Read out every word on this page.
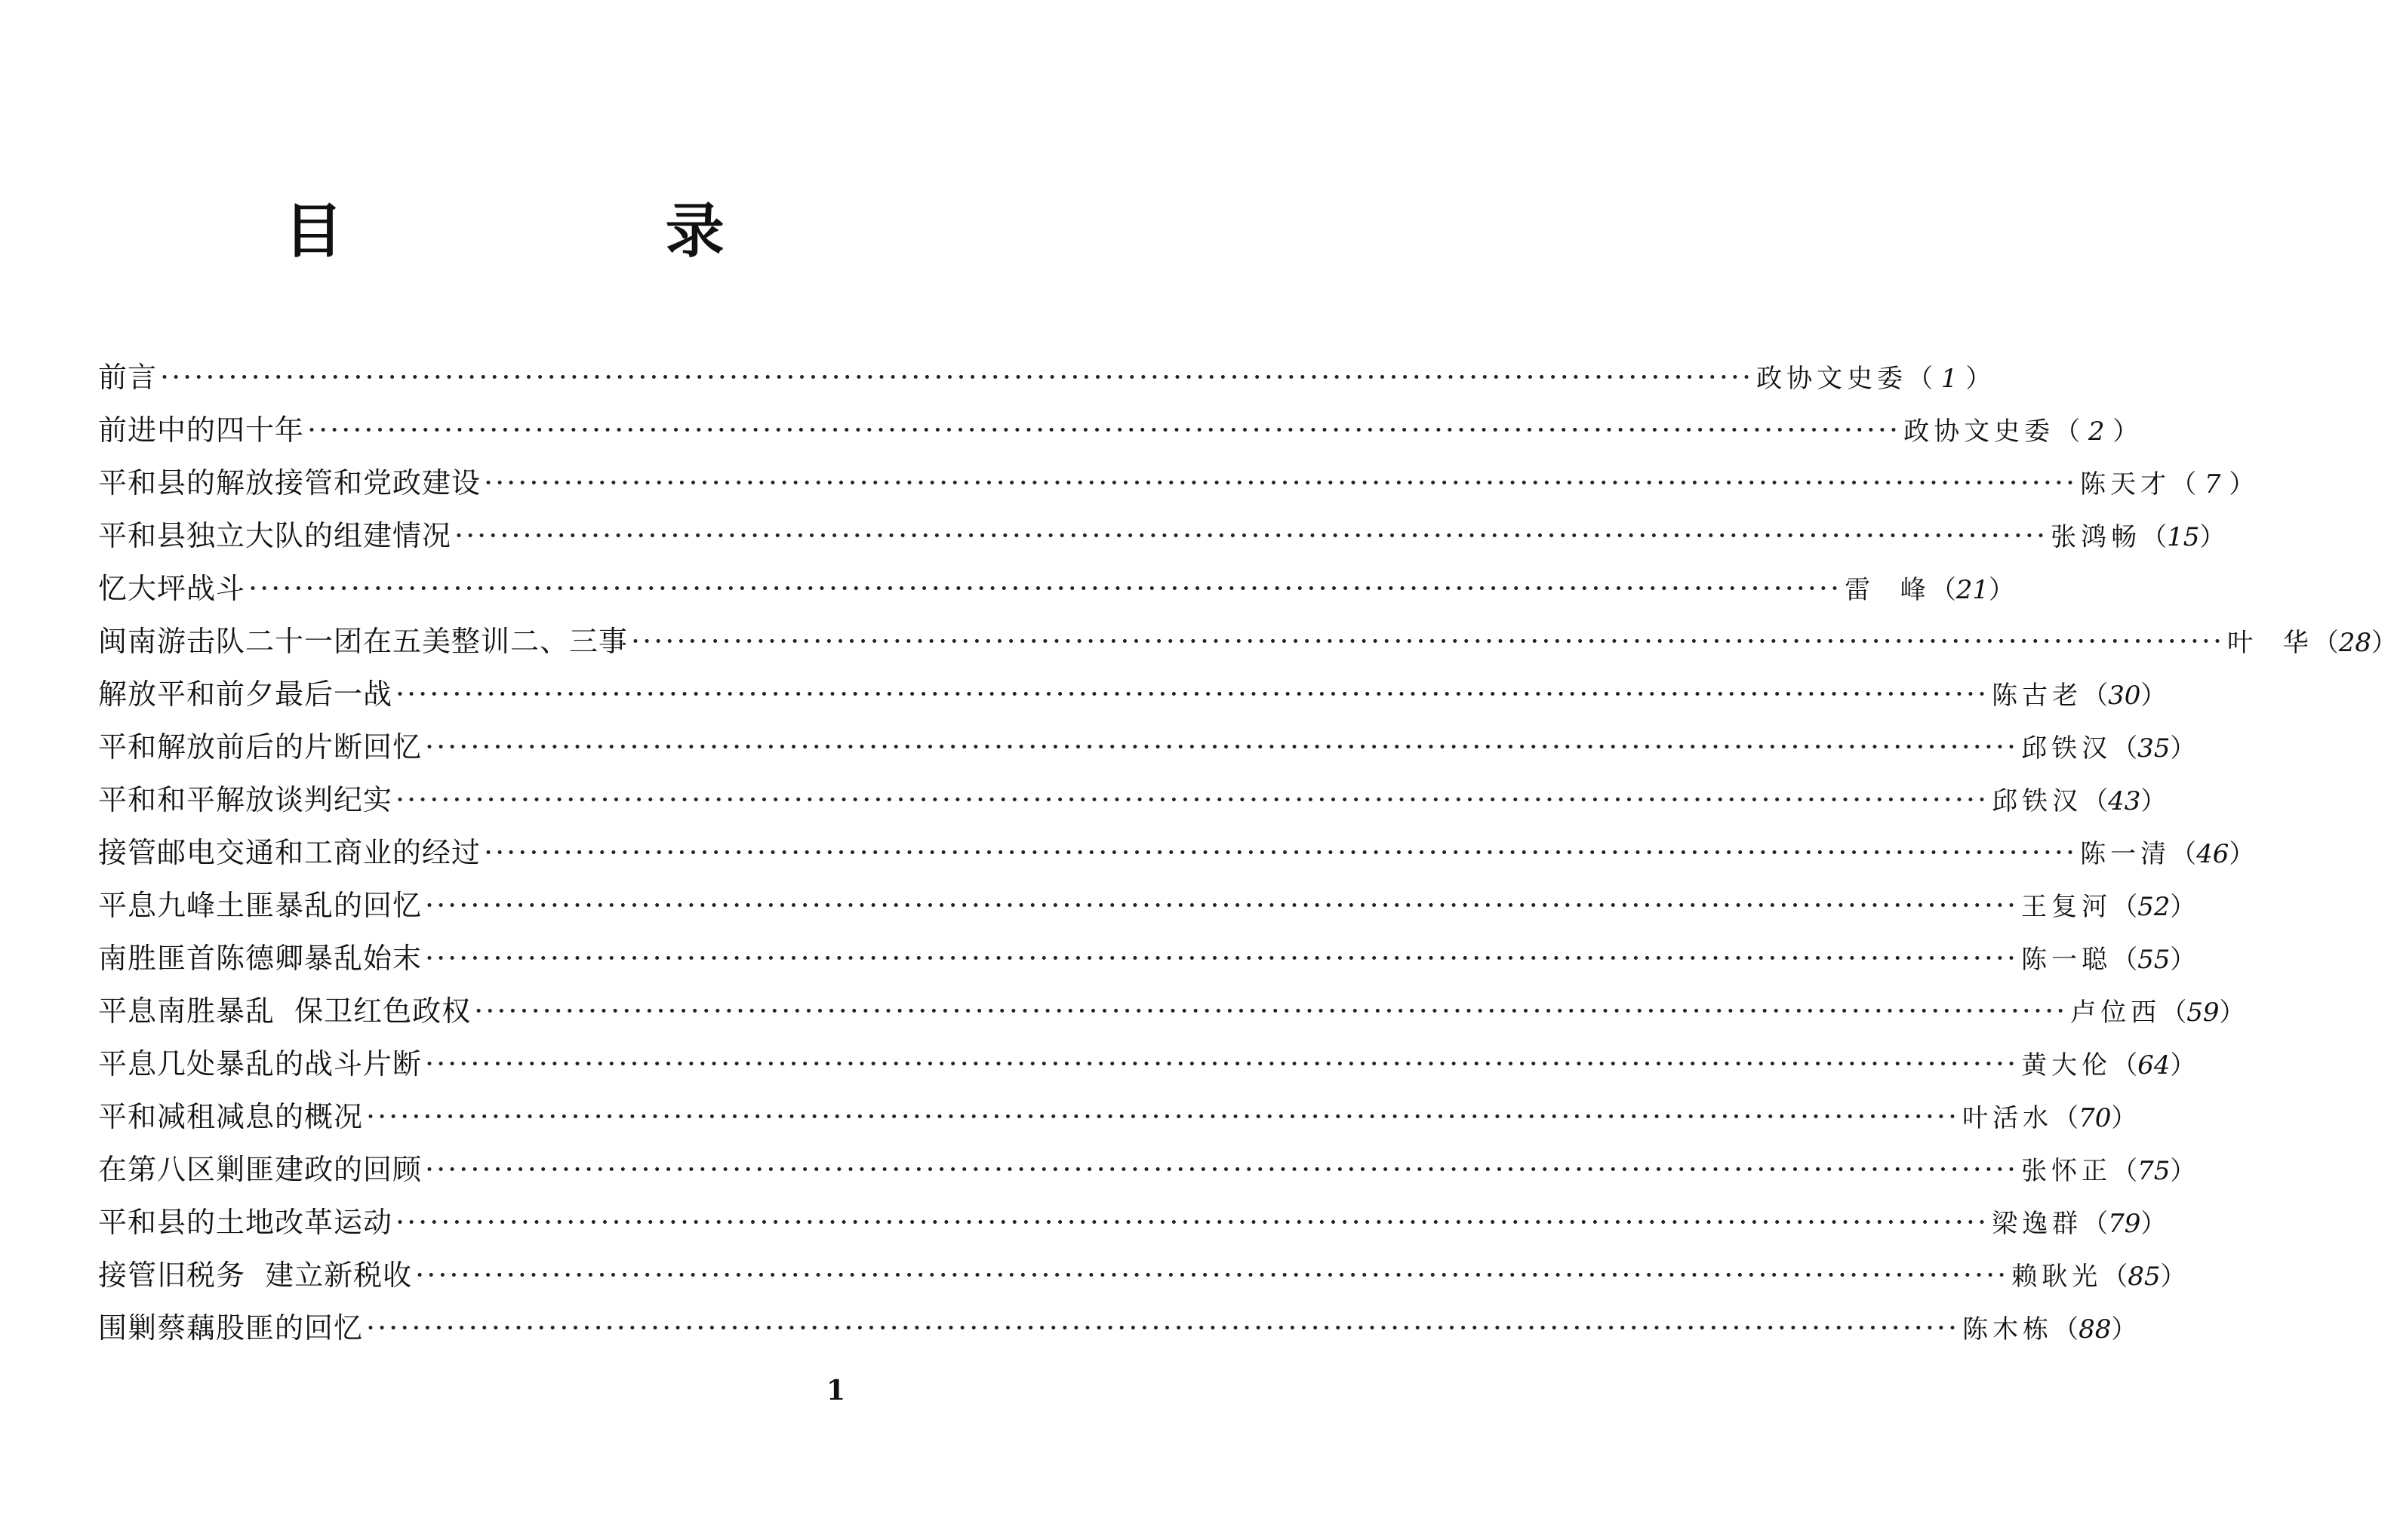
目 录
前言 ············································································································································ 政协文史委 （ 1 ）
前进中的四十年 ············································································································································ 政协文史委 （ 2 ）
平和县的解放接管和党政建设 ············································································································································ 陈天才 （ 7 ）
平和县独立大队的组建情况 ············································································································································ 张鸿畅 （15）
忆大坪战斗 ············································································································································ 雷  峰 （21）
闽南游击队二十一团在五美整训二、三事 ············································································································································ 叶  华 （28）
解放平和前夕最后一战 ············································································································································ 陈古老 （30）
平和解放前后的片断回忆 ············································································································································ 邱铁汉 （35）
平和和平解放谈判纪实 ············································································································································ 邱铁汉 （43）
接管邮电交通和工商业的经过 ············································································································································ 陈一清 （46）
平息九峰土匪暴乱的回忆 ············································································································································ 王复河 （52）
南胜匪首陈德卿暴乱始末 ············································································································································ 陈一聪 （55）
平息南胜暴乱  保卫红色政权 ············································································································································ 卢位西 （59）
平息几处暴乱的战斗片断 ············································································································································ 黄大伦 （64）
平和减租减息的概况 ············································································································································ 叶活水 （70）
在第八区剿匪建政的回顾 ············································································································································ 张怀正 （75）
平和县的土地改革运动 ············································································································································ 梁逸群 （79）
接管旧税务  建立新税收 ············································································································································ 赖耿光 （85）
围剿蔡藕股匪的回忆 ············································································································································ 陈木栋 （88）
1
